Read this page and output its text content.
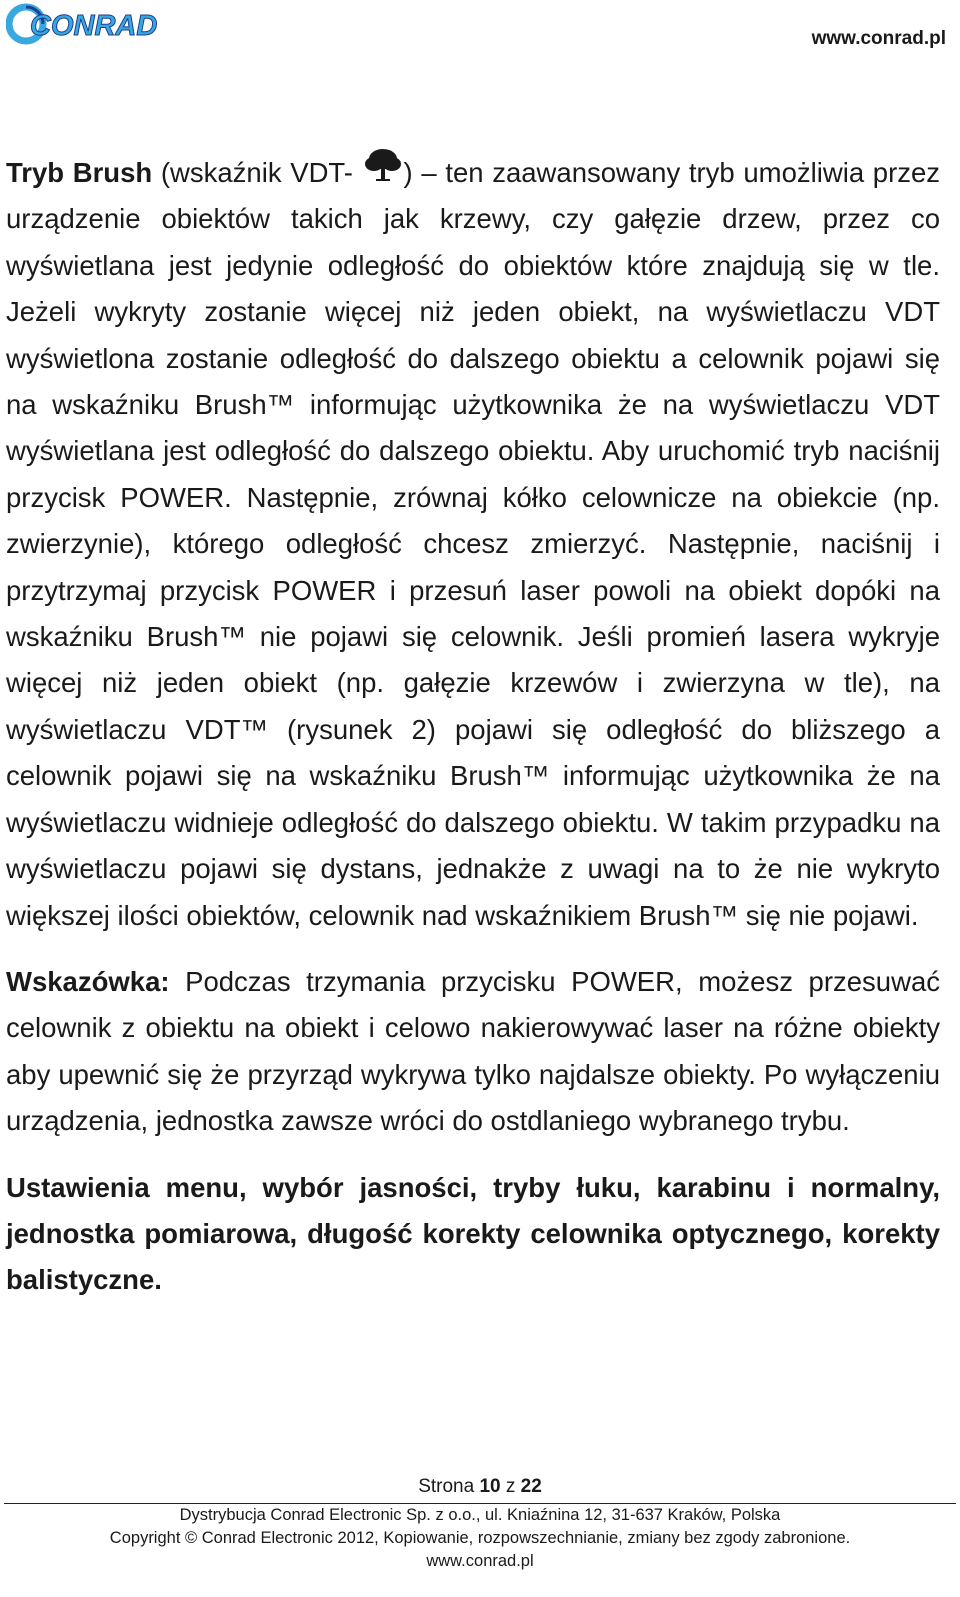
CONRAD	www.conrad.pl

Tryb Brush (wskaźnik VDT- ) – ten zaawansowany tryb umożliwia przez urządzenie obiektów takich jak krzewy, czy gałęzie drzew, przez co wyświetlana jest jedynie odległość do obiektów które znajdują się w tle. Jeżeli wykryty zostanie więcej niż jeden obiekt, na wyświetlaczu VDT wyświetlona zostanie odległość do dalszego obiektu a celownik pojawi się na wskaźniku Brush™ informując użytkownika że na wyświetlaczu VDT wyświetlana jest odległość do dalszego obiektu. Aby uruchomić tryb naciśnij przycisk POWER. Następnie, zrównaj kółko celownicze na obiekcie (np. zwierzynie), którego odległość chcesz zmierzyć. Następnie, naciśnij i przytrzymaj przycisk POWER i przesuń laser powoli na obiekt dopóki na wskaźniku Brush™ nie pojawi się celownik. Jeśli promień lasera wykryje więcej niż jeden obiekt (np. gałęzie krzewów i zwierzyna w tle), na wyświetlaczu VDT™ (rysunek 2) pojawi się odległość do bliższego a celownik pojawi się na wskaźniku Brush™ informując użytkownika że na wyświetlaczu widnieje odległość do dalszego obiektu. W takim przypadku na wyświetlaczu pojawi się dystans, jednakże z uwagi na to że nie wykryto większej ilości obiektów, celownik nad wskaźnikiem Brush™ się nie pojawi.

Wskazówka: Podczas trzymania przycisku POWER, możesz przesuwać celownik z obiektu na obiekt i celowo nakierowywać laser na różne obiekty aby upewnić się że przyrząd wykrywa tylko najdalsze obiekty. Po wyłączeniu urządzenia, jednostka zawsze wróci do ostdlaniego wybranego trybu.

Ustawienia menu, wybór jasności, tryby łuku, karabinu i normalny, jednostka pomiarowa, długość korekty celownika optycznego, korekty balistyczne.

Strona 10 z 22
Dystrybucja Conrad Electronic Sp. z o.o., ul. Kniaźnina 12, 31-637 Kraków, Polska
Copyright © Conrad Electronic 2012, Kopiowanie, rozpowszechnianie, zmiany bez zgody zabronione.
www.conrad.pl
